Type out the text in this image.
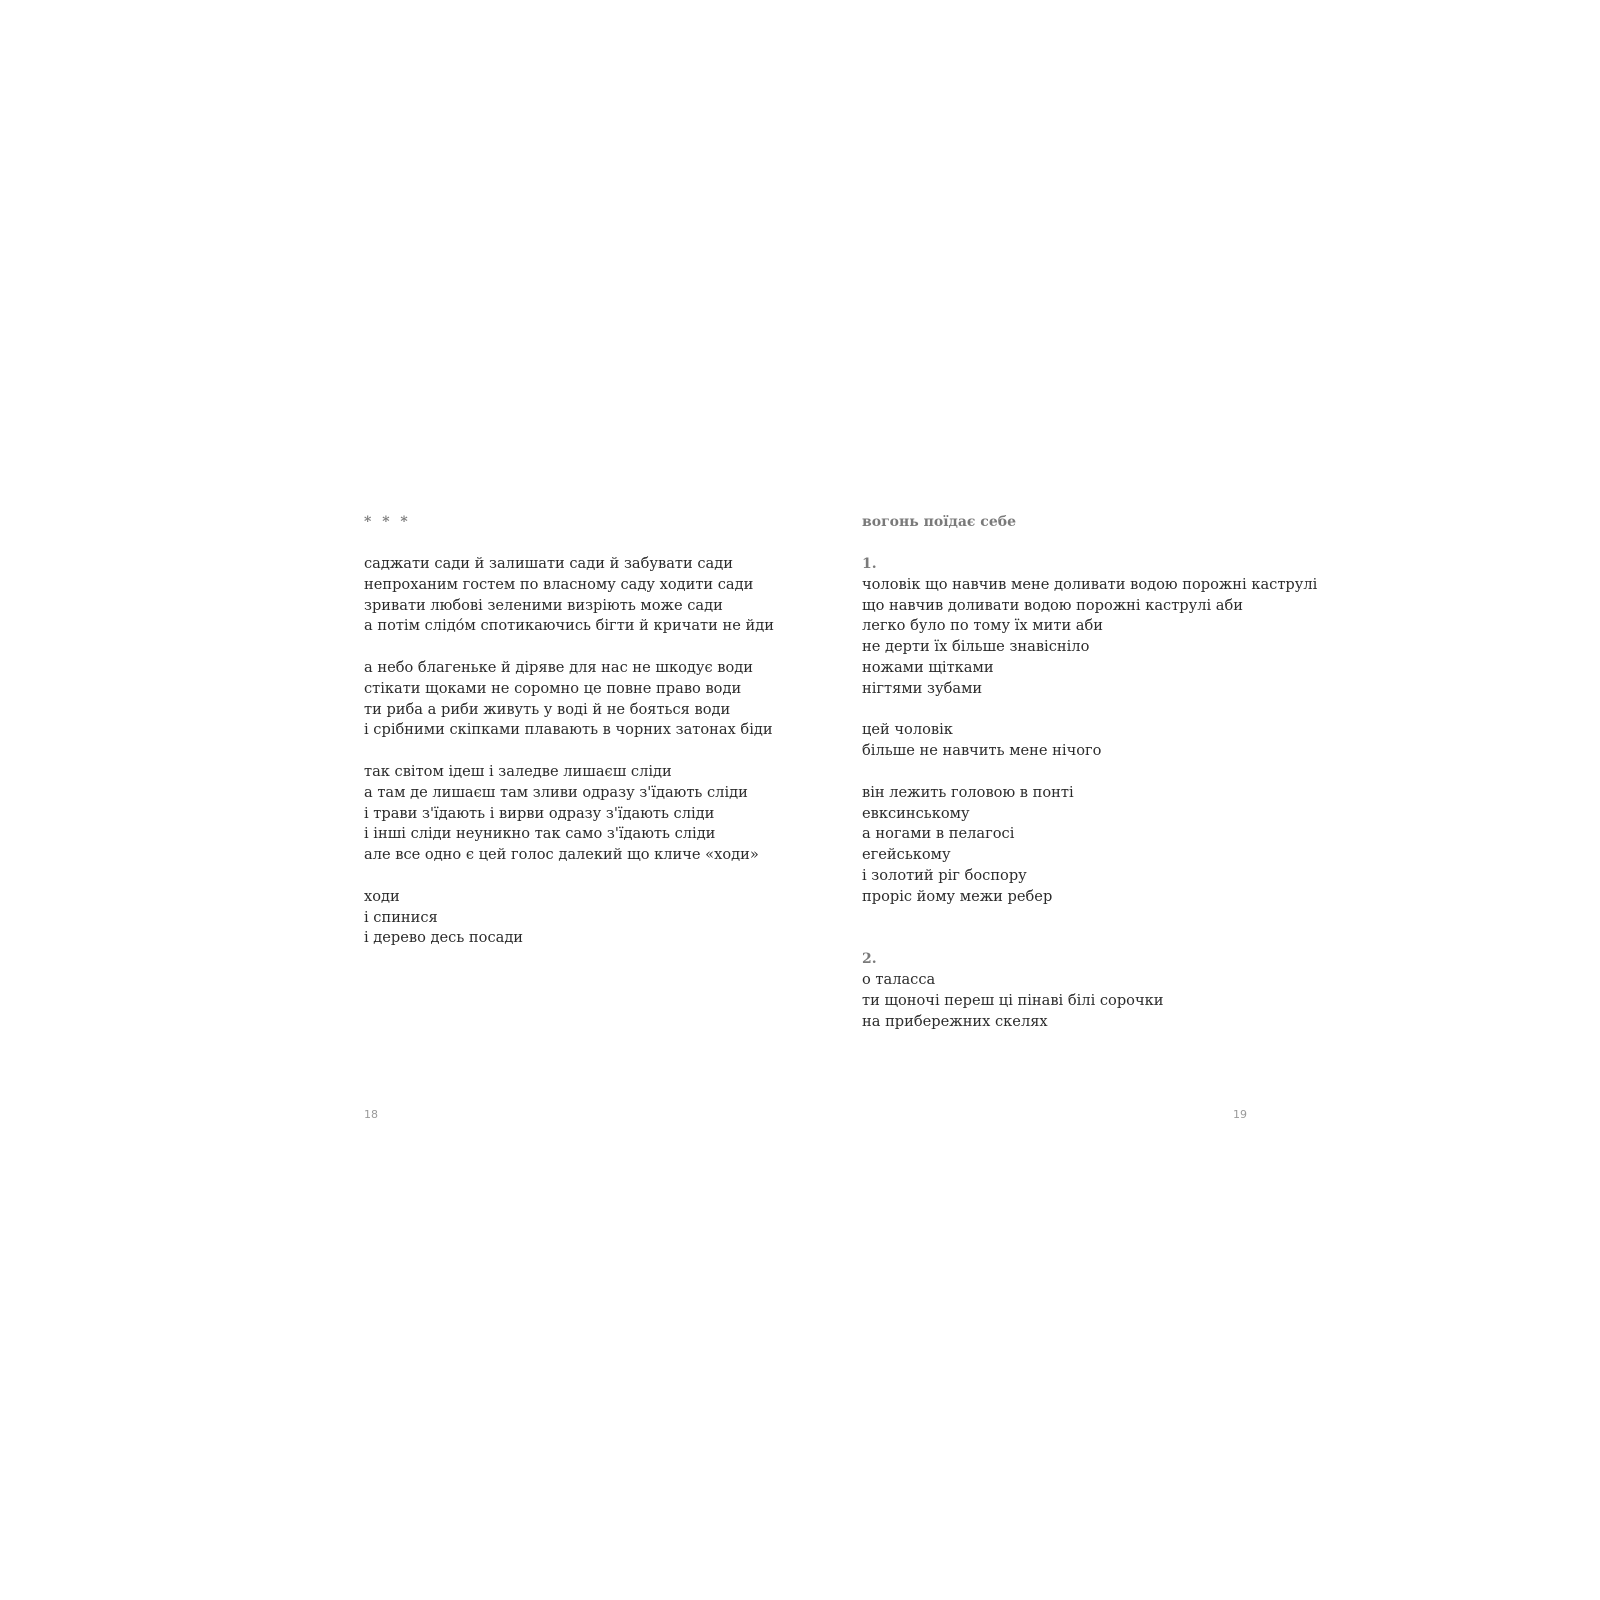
* * *
саджати сади й залишати сади й забувати сади
непроханим гостем по власному саду ходити сади
зривати любові зеленими визріють може сади
а потім слідо́м спотикаючись бігти й кричати не йди
а небо благеньке й діряве для нас не шкодує води
стікати щоками не соромно це повне право води
ти риба а риби живуть у воді й не бояться води
і срібними скіпками плавають в чорних затонах біди
так світом ідеш і заледве лишаєш сліди
а там де лишаєш там зливи одразу з'їдають сліди
і трави з'їдають і вирви одразу з'їдають сліди
і інші сліди неуникно так само з'їдають сліди
але все одно є цей голос далекий що кличе «ходи»
ходи
і спинися
і дерево десь посади
вогонь поїдає себе
1.
чоловік що навчив мене доливати водою порожні каструлі
що навчив доливати водою порожні каструлі аби
легко було по тому їх мити аби
не дерти їх більше знавісніло
ножами щітками
нігтями зубами
цей чоловік
більше не навчить мене нічого
він лежить головою в понті
евксинському
а ногами в пелагосі
егейському
і золотий ріг боспору
проріс йому межи ребер
2.
о таласса
ти щоночі переш ці пінаві білі сорочки
на прибережних скелях
18	19
